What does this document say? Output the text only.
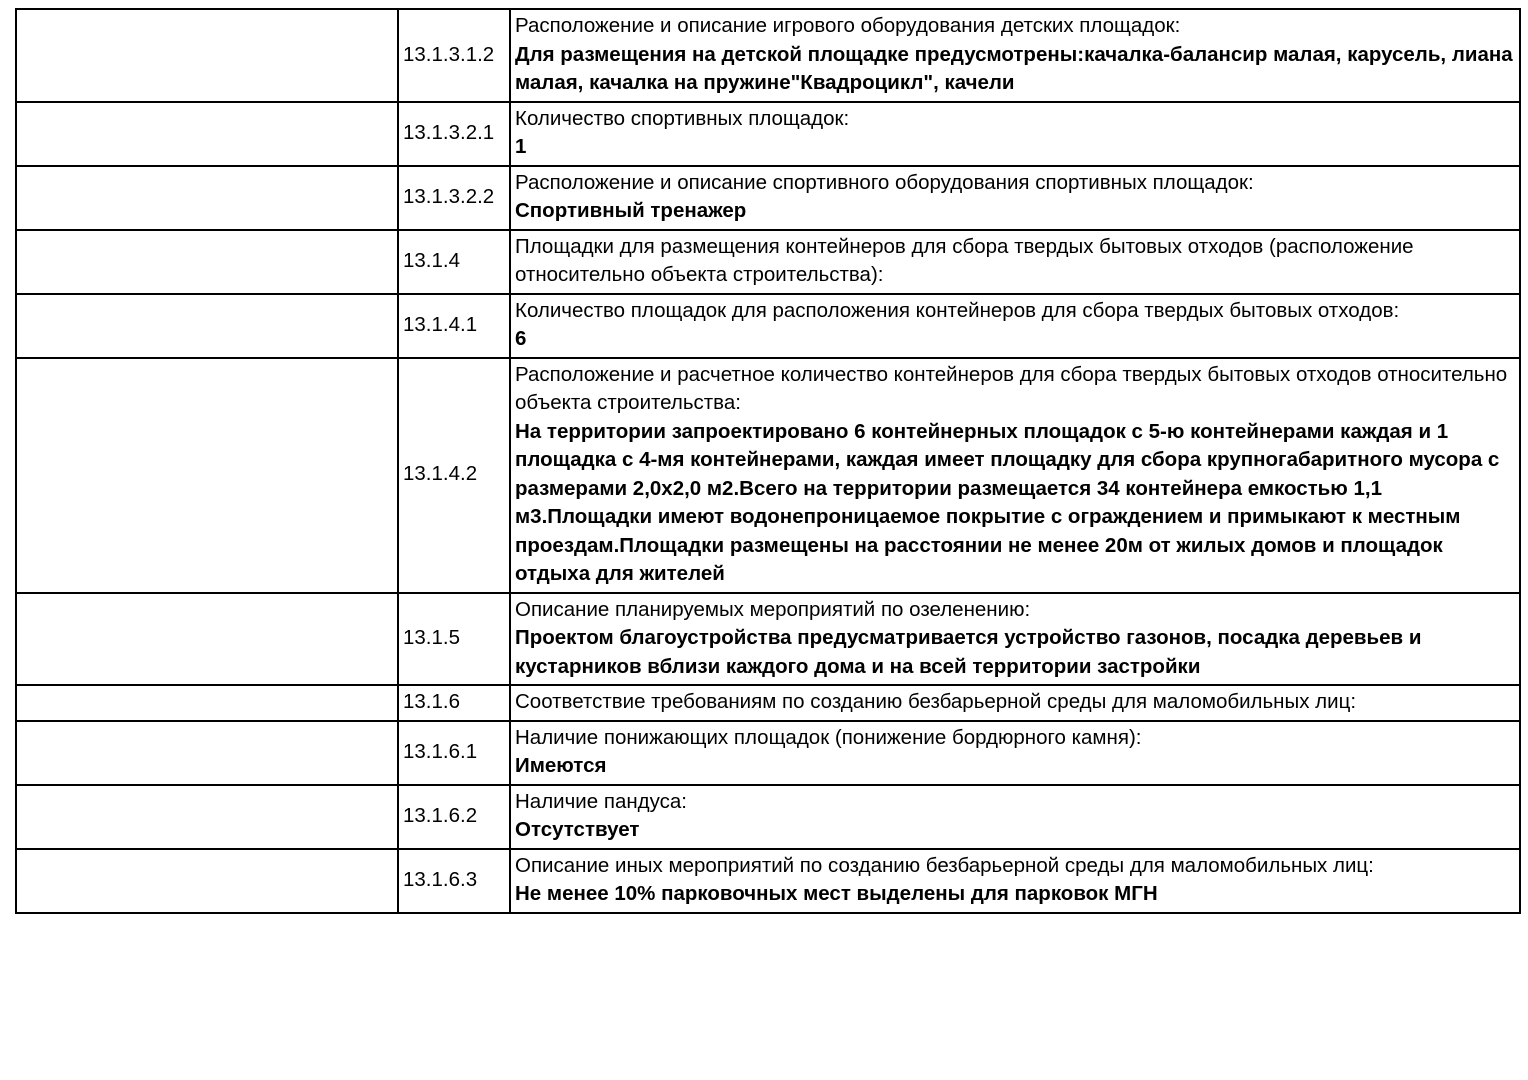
	13.1.3.1.2	Расположение и описание игрового оборудования детских площадок:
Для размещения на детской площадке предусмотрены:качалка-балансир малая, карусель, лиана малая, качалка на пружине"Квадроцикл", качели

	13.1.3.2.1	Количество спортивных площадок:
1

	13.1.3.2.2	Расположение и описание спортивного оборудования спортивных площадок:
Спортивный тренажер

	13.1.4	Площадки для размещения контейнеров для сбора твердых бытовых отходов (расположение относительно объекта строительства):

	13.1.4.1	Количество площадок для расположения контейнеров для сбора твердых бытовых отходов:
6

	13.1.4.2	Расположение и расчетное количество контейнеров для сбора твердых бытовых отходов относительно объекта строительства:
На территории запроектировано 6 контейнерных площадок с 5-ю контейнерами каждая и 1 площадка с 4-мя контейнерами, каждая имеет площадку для сбора крупногабаритного мусора с размерами 2,0х2,0 м2.Всего на территории размещается 34 контейнера емкостью 1,1 м3.Площадки имеют водонепроницаемое покрытие с ограждением и примыкают к местным проездам.Площадки размещены на расстоянии не менее 20м от жилых домов и площадок отдыха для жителей

	13.1.5	Описание планируемых мероприятий по озеленению:
Проектом благоустройства предусматривается устройство газонов, посадка деревьев и кустарников вблизи каждого дома и на всей территории застройки

	13.1.6	Соответствие требованиям по созданию безбарьерной среды для маломобильных лиц:

	13.1.6.1	Наличие понижающих площадок (понижение бордюрного камня):
Имеются

	13.1.6.2	Наличие пандуса:
Отсутствует

	13.1.6.3	Описание иных мероприятий по созданию безбарьерной среды для маломобильных лиц:
Не менее 10% парковочных мест выделены для парковок МГН
